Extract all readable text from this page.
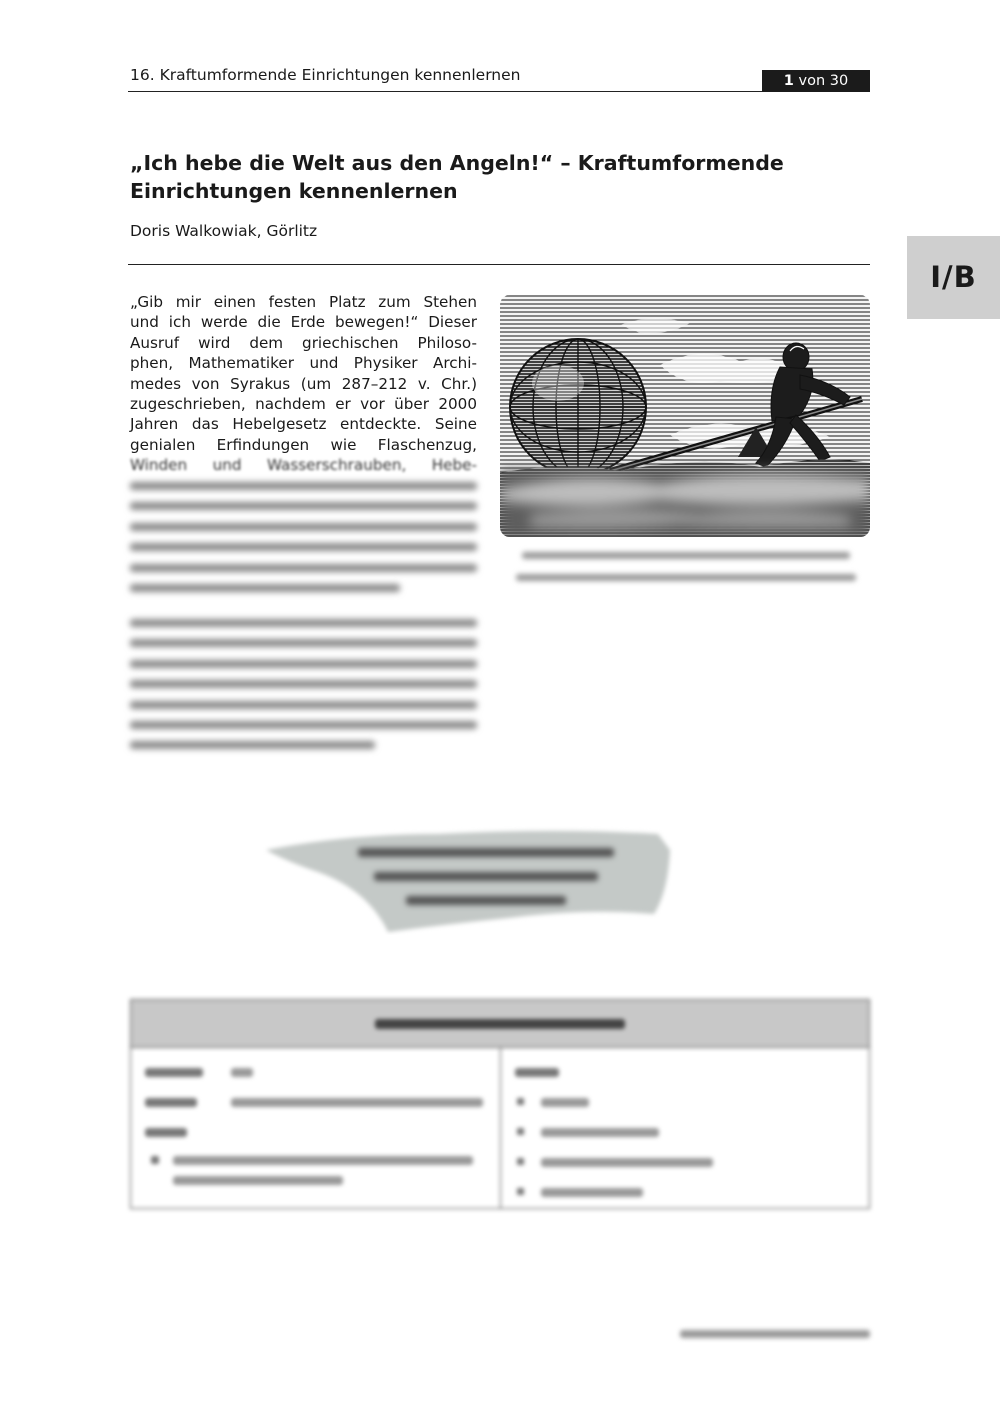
16. Kraftumformende Einrichtungen kennenlernen	1 von 30
I/B
„Ich hebe die Welt aus den Angeln!“ – Kraftumformende
Einrichtungen kennenlernen
Doris Walkowiak, Görlitz
„Gib mir einen festen Platz zum Stehen
und ich werde die Erde bewegen!“ Dieser
Ausruf wird dem griechischen Philoso-
phen, Mathematiker und Physiker Archi-
medes von Syrakus (um 287–212 v. Chr.)
zugeschrieben, nachdem er vor über 2000
Jahren das Hebelgesetz entdeckte. Seine
genialen Erfindungen wie Flaschenzug,
Winden und Wasserschrauben, Hebe-
